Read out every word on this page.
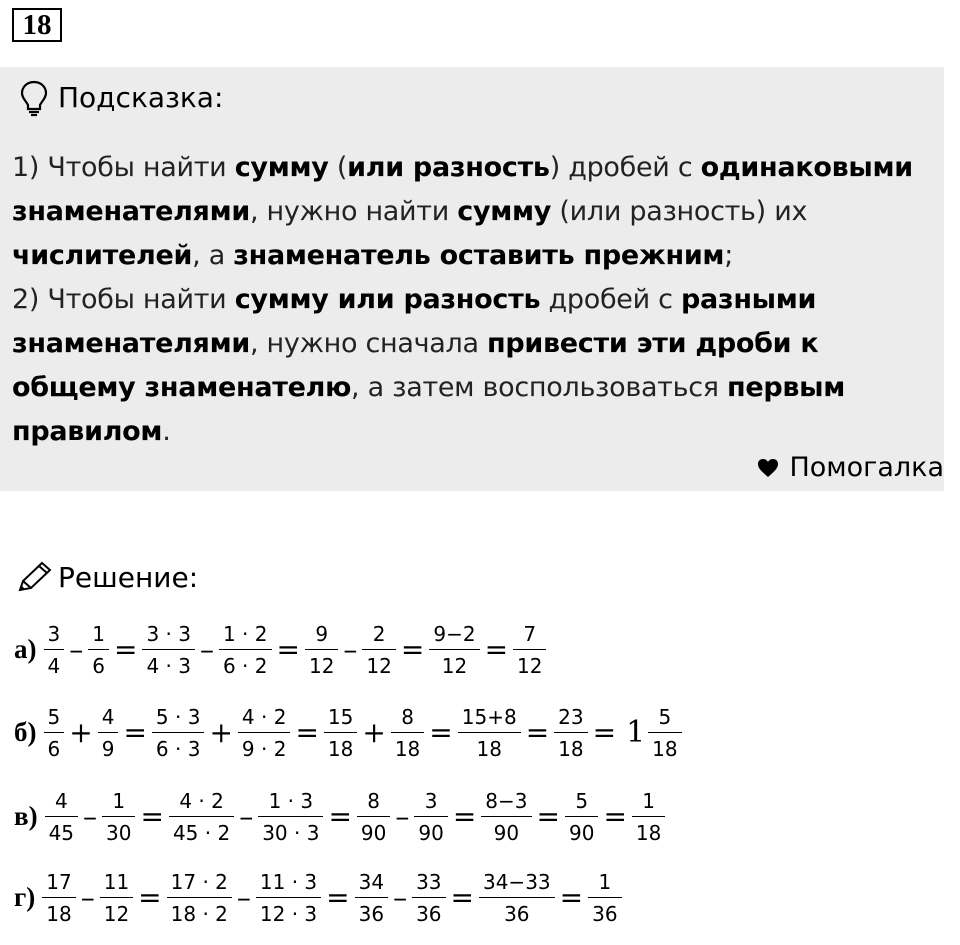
18
Подсказка:

1) Чтобы найти сумму (или разность) дробей с одинаковыми знаменателями, нужно найти сумму (или разность) их числителей, а знаменатель оставить прежним;

2) Чтобы найти сумму или разность дробей с разными знаменателями, нужно сначала привести эти дроби к общему знаменателю, а затем воспользоваться первым правилом.

Помогалка
Решение:
$а) \frac{3}{4} - \frac{1}{6} = \frac{3 \cdot 3}{4 \cdot 3} - \frac{1 \cdot 2}{6 \cdot 2} = \frac{9}{12} - \frac{2}{12} = \frac{9-2}{12} = \frac{7}{12}$
$б) \frac{5}{6} + \frac{4}{9} = \frac{5 \cdot 3}{6 \cdot 3} + \frac{4 \cdot 2}{9 \cdot 2} = \frac{15}{18} + \frac{8}{18} = \frac{15+8}{18} = \frac{23}{18} = 1 \frac{5}{18}$
$в) \frac{4}{45} - \frac{1}{30} = \frac{4 \cdot 2}{45 \cdot 2} - \frac{1 \cdot 3}{30 \cdot 3} = \frac{8}{90} - \frac{3}{90} = \frac{8-3}{90} = \frac{5}{90} = \frac{1}{18}$
$г) \frac{17}{18} - \frac{11}{12} = \frac{17 \cdot 2}{18 \cdot 2} - \frac{11 \cdot 3}{12 \cdot 3} = \frac{34}{36} - \frac{33}{36} = \frac{34-33}{36} = \frac{1}{36}$
